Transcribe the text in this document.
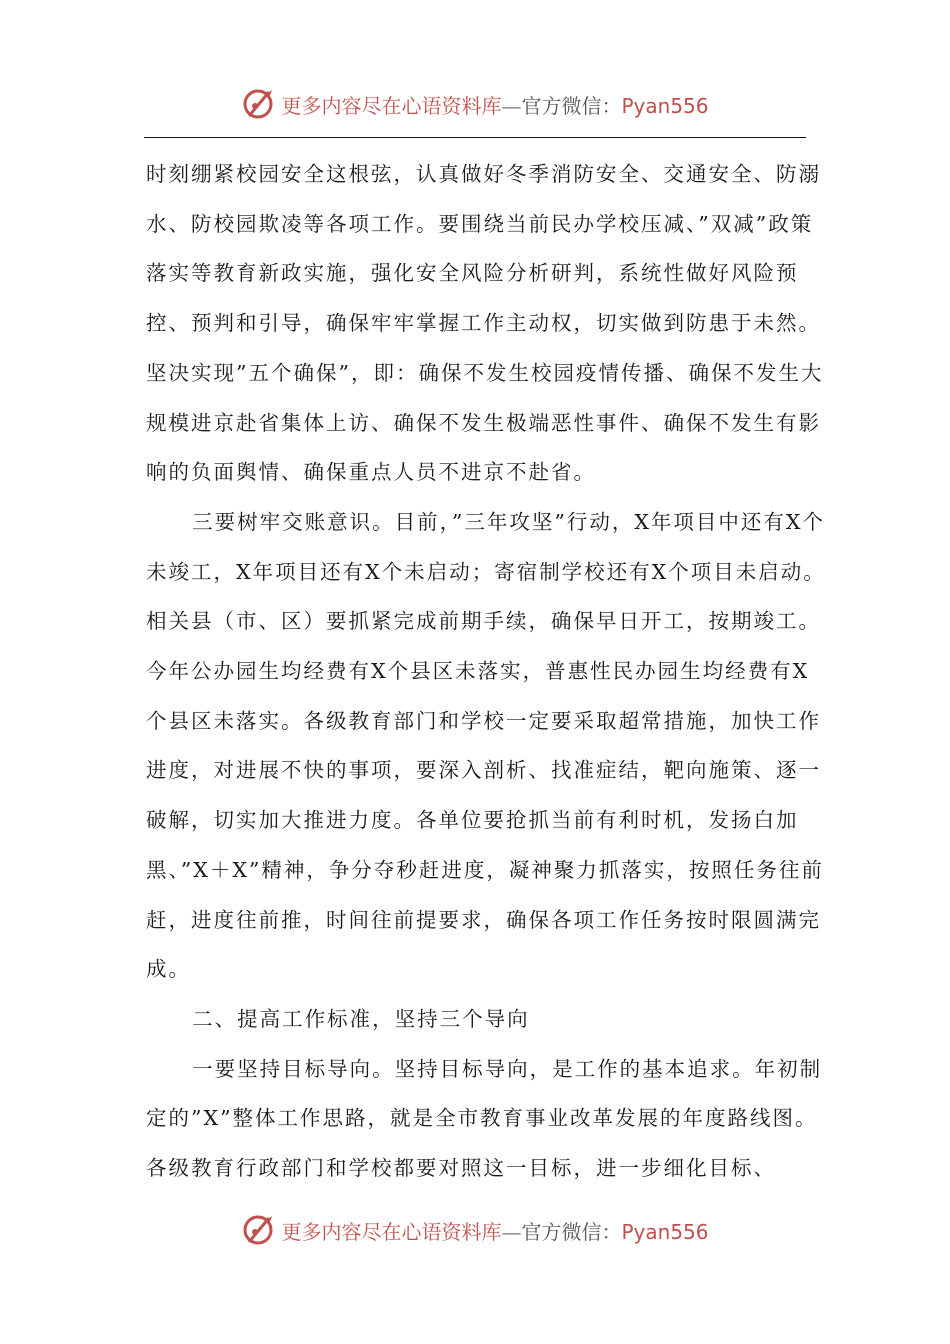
更多内容尽在心语资料库—官方微信：Pyan556

时刻绷紧校园安全这根弦，认真做好冬季消防安全、交通安全、防溺水、防校园欺凌等各项工作。要围绕当前民办学校压减、”双减”政策落实等教育新政实施，强化安全风险分析研判，系统性做好风险预控、预判和引导，确保牢牢掌握工作主动权，切实做到防患于未然。坚决实现”五个确保”，即：确保不发生校园疫情传播、确保不发生大规模进京赴省集体上访、确保不发生极端恶性事件、确保不发生有影响的负面舆情、确保重点人员不进京不赴省。

三要树牢交账意识。目前，”三年攻坚”行动，X年项目中还有X个未竣工，X年项目还有X个未启动；寄宿制学校还有X个项目未启动。相关县（市、区）要抓紧完成前期手续，确保早日开工，按期竣工。今年公办园生均经费有X个县区未落实，普惠性民办园生均经费有X个县区未落实。各级教育部门和学校一定要采取超常措施，加快工作进度，对进展不快的事项，要深入剖析、找准症结，靶向施策、逐一破解，切实加大推进力度。各单位要抢抓当前有利时机，发扬白加黑、”X＋X”精神，争分夺秒赶进度，凝神聚力抓落实，按照任务往前赶，进度往前推，时间往前提要求，确保各项工作任务按时限圆满完成。

二、提高工作标准，坚持三个导向

一要坚持目标导向。坚持目标导向，是工作的基本追求。年初制定的”X”整体工作思路，就是全市教育事业改革发展的年度路线图。各级教育行政部门和学校都要对照这一目标，进一步细化目标、

更多内容尽在心语资料库—官方微信：Pyan556
